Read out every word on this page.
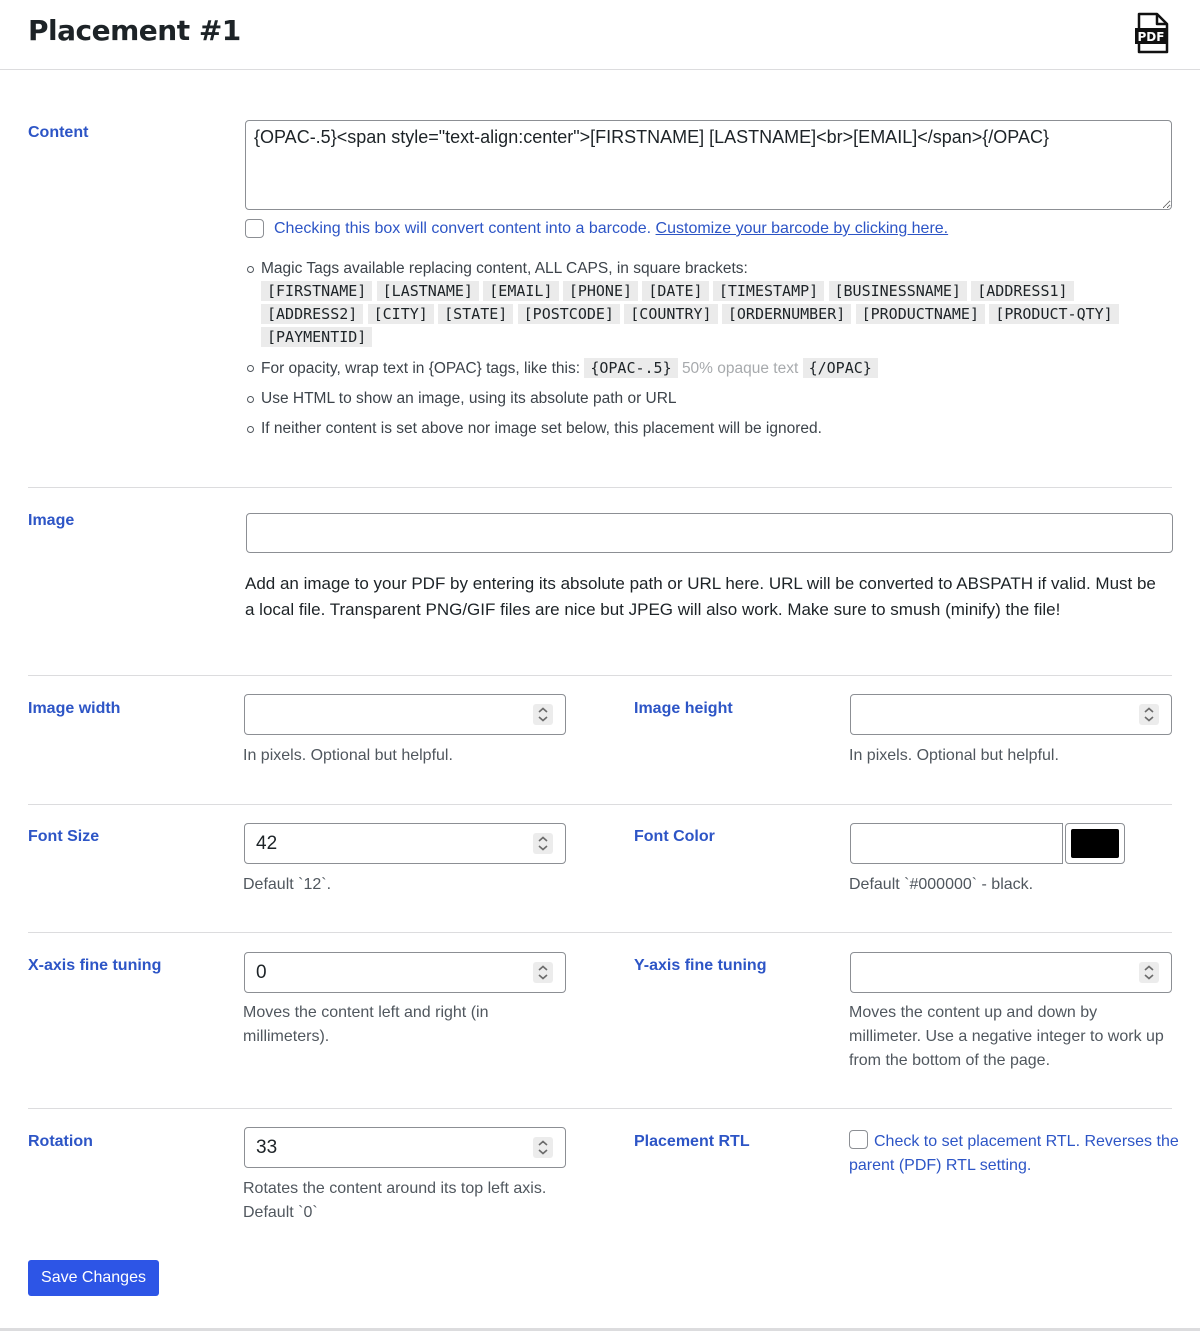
Placement #1	PDF
Content
{OPAC-.5}<span style="text-align:center">[FIRSTNAME] [LASTNAME]<br>[EMAIL]</span>{/OPAC}
Checking this box will convert content into a barcode. Customize your barcode by clicking here.
Magic Tags available replacing content, ALL CAPS, in square brackets:
[FIRSTNAME] [LASTNAME] [EMAIL] [PHONE] [DATE] [TIMESTAMP] [BUSINESSNAME] [ADDRESS1] [ADDRESS2] [CITY] [STATE] [POSTCODE] [COUNTRY] [ORDERNUMBER] [PRODUCTNAME] [PRODUCT-QTY] [PAYMENTID]
For opacity, wrap text in {OPAC} tags, like this: {OPAC-.5} 50% opaque text {/OPAC}
Use HTML to show an image, using its absolute path or URL
If neither content is set above nor image set below, this placement will be ignored.
Image
Add an image to your PDF by entering its absolute path or URL here. URL will be converted to ABSPATH if valid. Must be a local file. Transparent PNG/GIF files are nice but JPEG will also work. Make sure to smush (minify) the file!
Image width
In pixels. Optional but helpful.
Image height
In pixels. Optional but helpful.
Font Size	42
Default `12`.
Font Color
Default `#000000` - black.
X-axis fine tuning	0
Moves the content left and right (in millimeters).
Y-axis fine tuning
Moves the content up and down by millimeter. Use a negative integer to work up from the bottom of the page.
Rotation	33
Rotates the content around its top left axis. Default `0`
Placement RTL	Check to set placement RTL. Reverses the parent (PDF) RTL setting.
Save Changes
